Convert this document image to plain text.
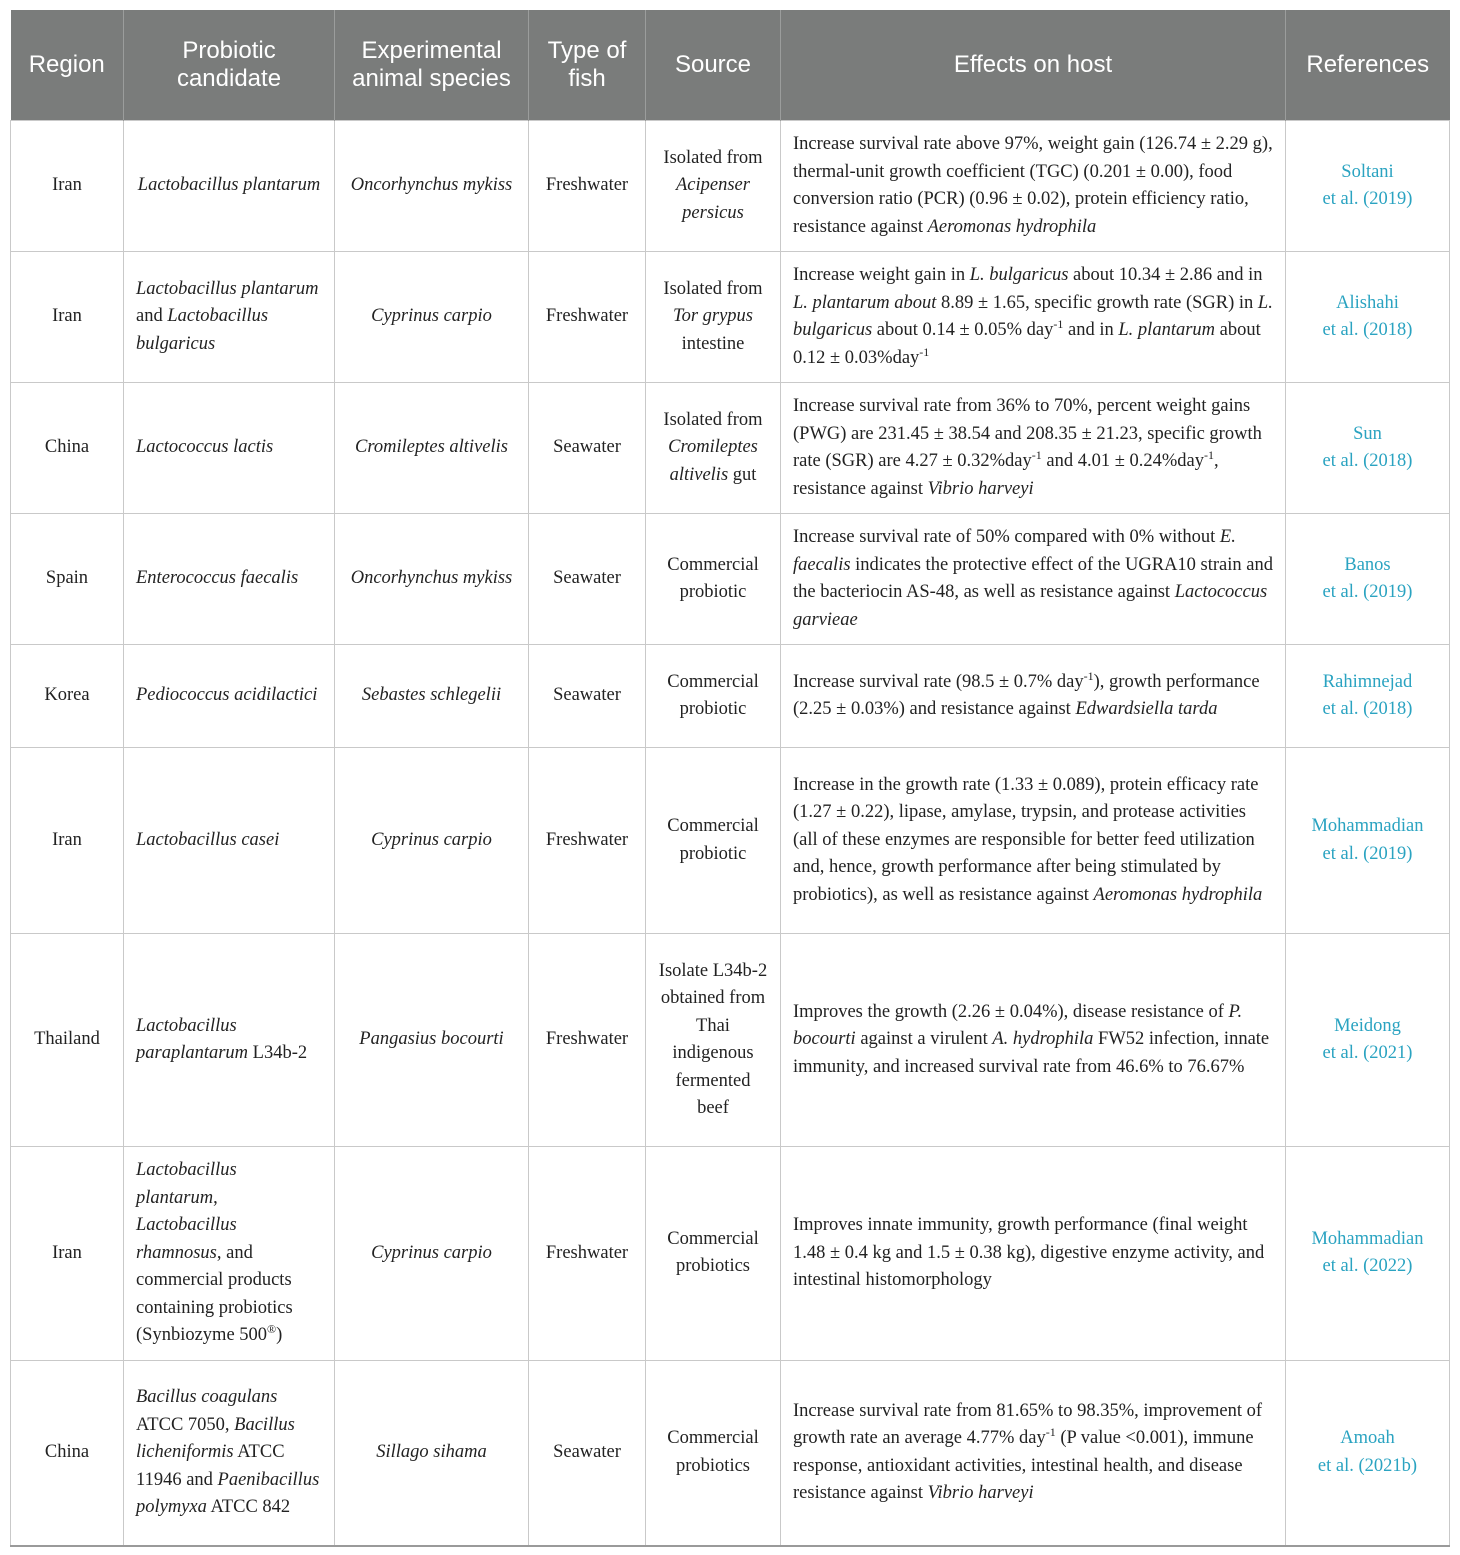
Region	Probiotic candidate	Experimental animal species	Type of fish	Source	Effects on host	References
Iran	Lactobacillus plantarum	Oncorhynchus mykiss	Freshwater	Isolated from Acipenser persicus	Increase survival rate above 97%, weight gain (126.74 ± 2.29 g), thermal-unit growth coefficient (TGC) (0.201 ± 0.00), food conversion ratio (PCR) (0.96 ± 0.02), protein efficiency ratio, resistance against Aeromonas hydrophila	Soltani
et al. (2019)
Iran	Lactobacillus plantarum and Lactobacillus bulgaricus	Cyprinus carpio	Freshwater	Isolated from Tor grypus intestine	Increase weight gain in L. bulgaricus about 10.34 ± 2.86 and in L. plantarum about 8.89 ± 1.65, specific growth rate (SGR) in L. bulgaricus about 0.14 ± 0.05% day$^{-1}$ and in L. plantarum about 0.12 ± 0.03%day$^{-1}$	Alishahi
et al. (2018)
China	Lactococcus lactis	Cromileptes altivelis	Seawater	Isolated from Cromileptes altivelis gut	Increase survival rate from 36% to 70%, percent weight gains (PWG) are 231.45 ± 38.54 and 208.35 ± 21.23, specific growth rate (SGR) are 4.27 ± 0.32%day$^{-1}$ and 4.01 ± 0.24%day$^{-1}$, resistance against Vibrio harveyi	Sun
et al. (2018)
Spain	Enterococcus faecalis	Oncorhynchus mykiss	Seawater	Commercial probiotic	Increase survival rate of 50% compared with 0% without E. faecalis indicates the protective effect of the UGRA10 strain and the bacteriocin AS-48, as well as resistance against Lactococcus garvieae	Banos
et al. (2019)
Korea	Pediococcus acidilactici	Sebastes schlegelii	Seawater	Commercial probiotic	Increase survival rate (98.5 ± 0.7% day$^{-1}$), growth performance (2.25 ± 0.03%) and resistance against Edwardsiella tarda	Rahimnejad
et al. (2018)
Iran	Lactobacillus casei	Cyprinus carpio	Freshwater	Commercial probiotic	Increase in the growth rate (1.33 ± 0.089), protein efficacy rate (1.27 ± 0.22), lipase, amylase, trypsin, and protease activities (all of these enzymes are responsible for better feed utilization and, hence, growth performance after being stimulated by probiotics), as well as resistance against Aeromonas hydrophila	Mohammadian
et al. (2019)
Thailand	Lactobacillus paraplantarum L34b-2	Pangasius bocourti	Freshwater	Isolate L34b-2 obtained from Thai indigenous fermented beef	Improves the growth (2.26 ± 0.04%), disease resistance of P. bocourti against a virulent A. hydrophila FW52 infection, innate immunity, and increased survival rate from 46.6% to 76.67%	Meidong
et al. (2021)
Iran	Lactobacillus plantarum, Lactobacillus rhamnosus, and commercial products containing probiotics (Synbiozyme 500®)	Cyprinus carpio	Freshwater	Commercial probiotics	Improves innate immunity, growth performance (final weight 1.48 ± 0.4 kg and 1.5 ± 0.38 kg), digestive enzyme activity, and intestinal histomorphology	Mohammadian
et al. (2022)
China	Bacillus coagulans ATCC 7050, Bacillus licheniformis ATCC 11946 and Paenibacillus polymyxa ATCC 842	Sillago sihama	Seawater	Commercial probiotics	Increase survival rate from 81.65% to 98.35%, improvement of growth rate an average 4.77% day$^{-1}$ (P value <0.001), immune response, antioxidant activities, intestinal health, and disease resistance against Vibrio harveyi	Amoah
et al. (2021b)
